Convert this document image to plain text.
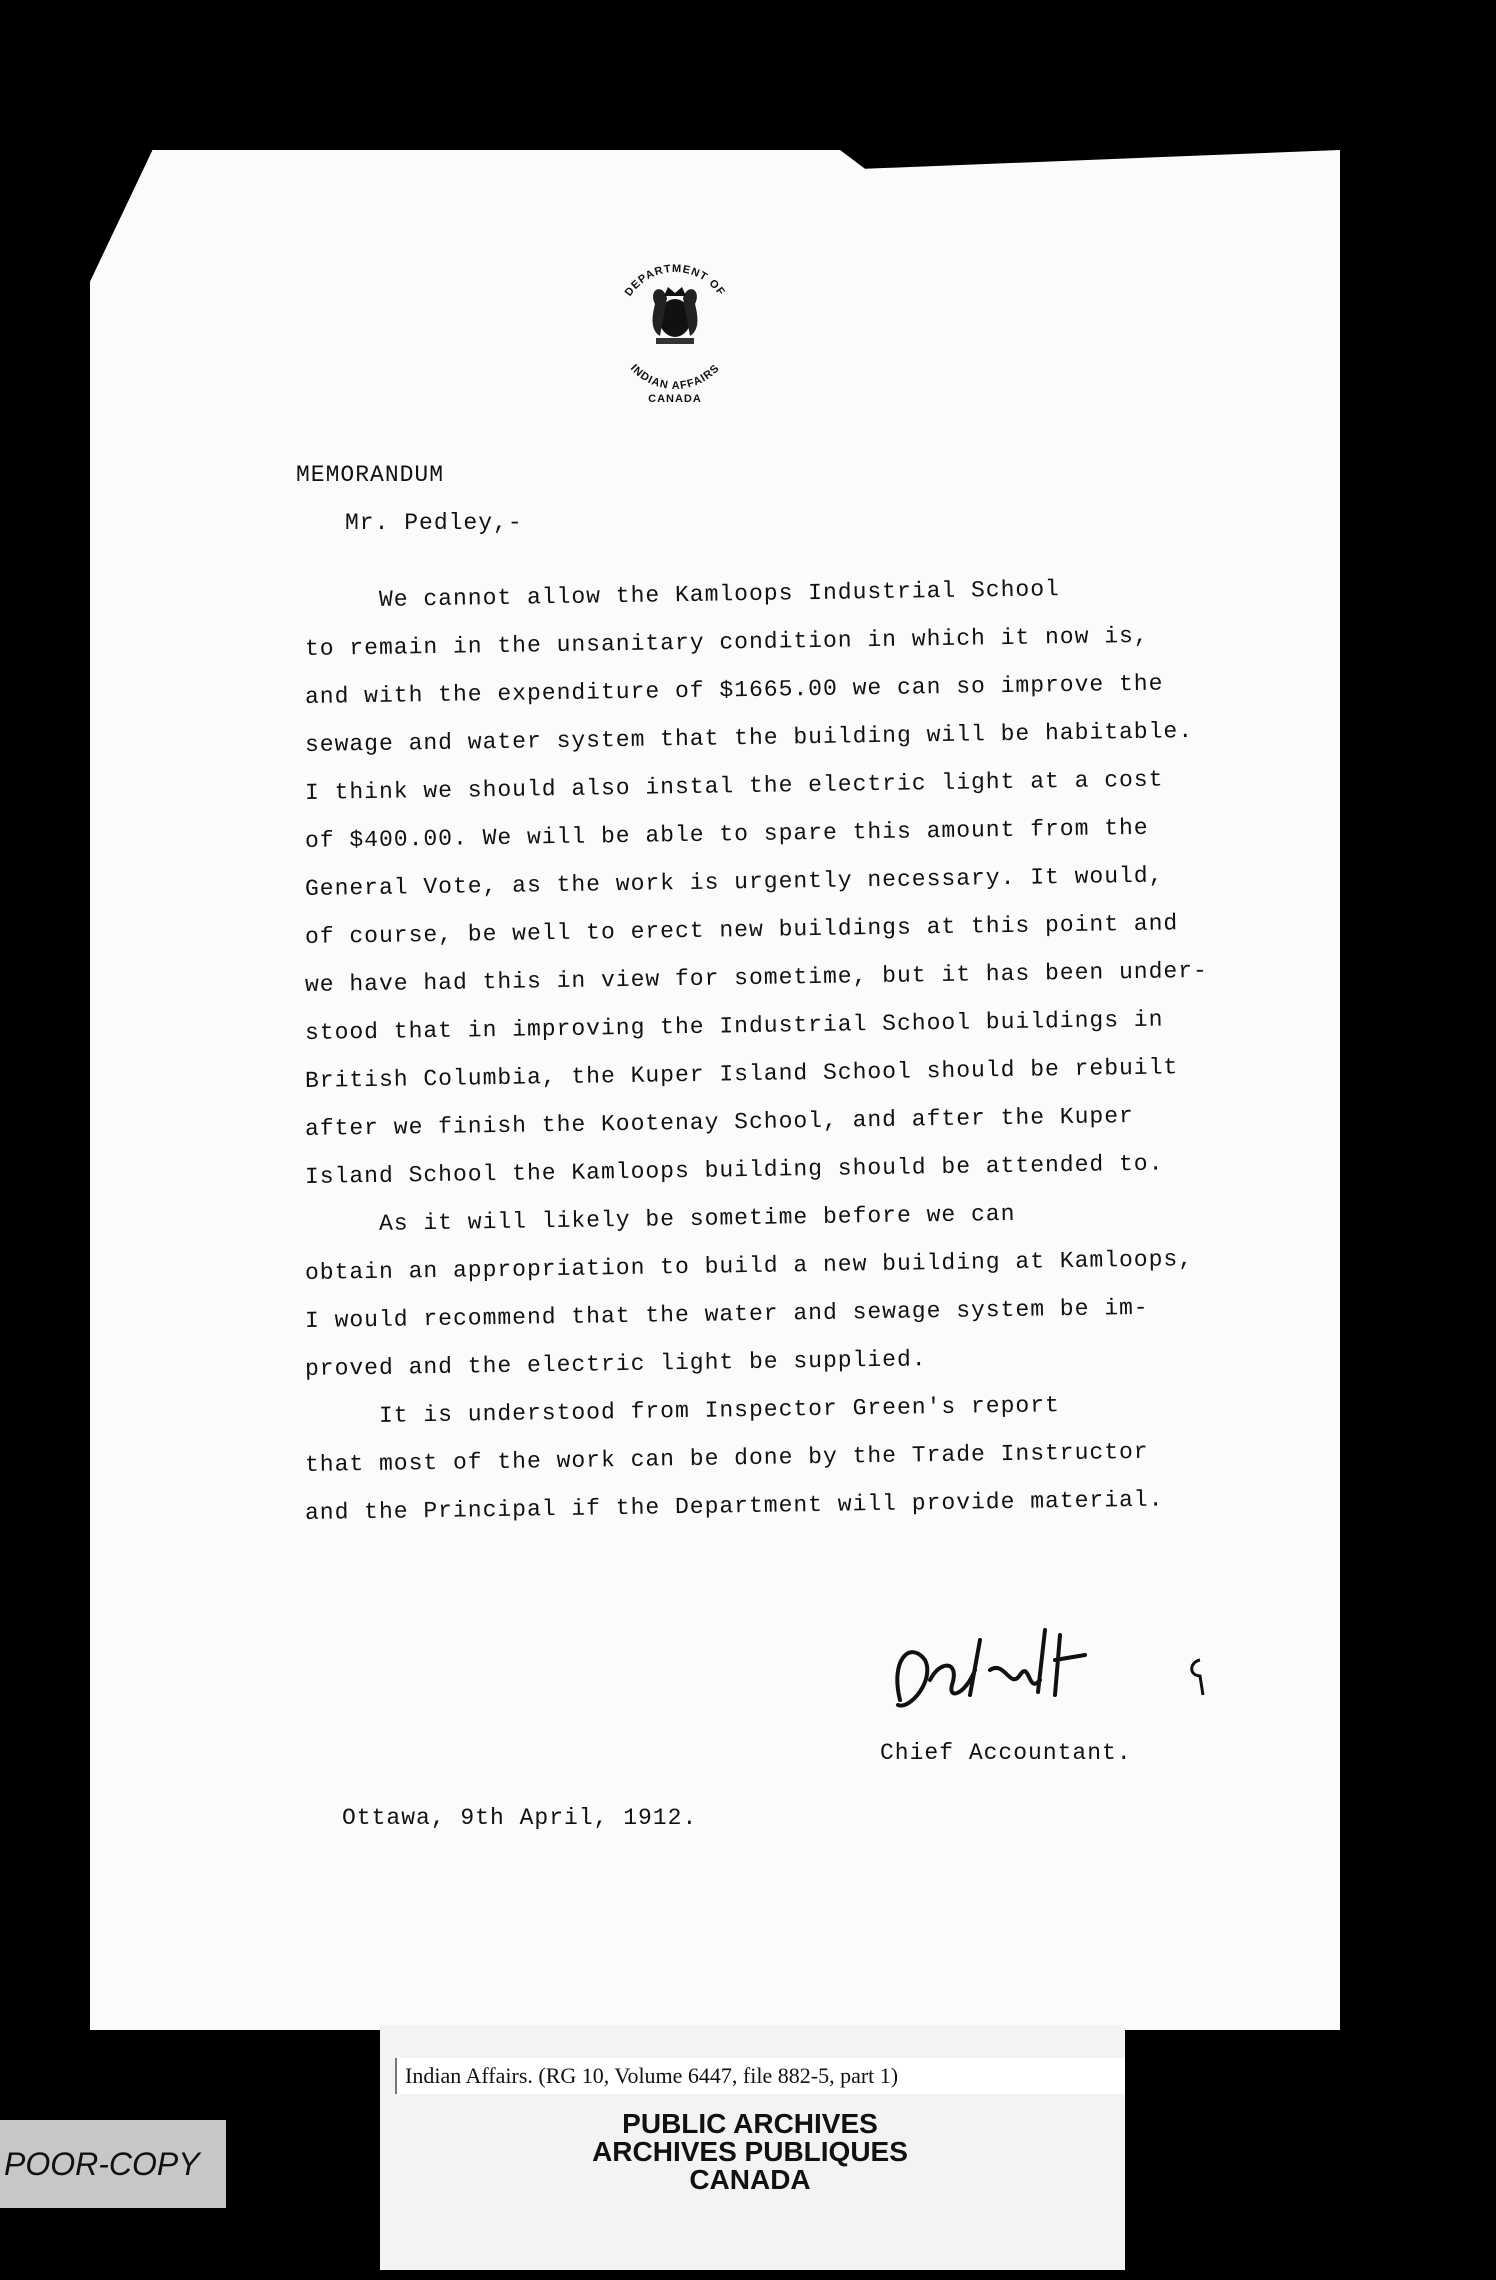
DEPARTMENT OF
INDIAN AFFAIRS
CANADA
MEMORANDUM
Mr. Pedley,-
We cannot allow the Kamloops Industrial School
to remain in the unsanitary condition in which it now is,
and with the expenditure of $1665.00 we can so improve the
sewage and water system that the building will be habitable.
I think we should also instal the electric light at a cost
of $400.00. We will be able to spare this amount from the
General Vote, as the work is urgently necessary. It would,
of course, be well to erect new buildings at this point and
we have had this in view for sometime, but it has been under-
stood that in improving the Industrial School buildings in
British Columbia, the Kuper Island School should be rebuilt
after we finish the Kootenay School, and after the Kuper
Island School the Kamloops building should be attended to.
As it will likely be sometime before we can
obtain an appropriation to build a new building at Kamloops,
I would recommend that the water and sewage system be im-
proved and the electric light be supplied.
It is understood from Inspector Green's report
that most of the work can be done by the Trade Instructor
and the Principal if the Department will provide material.
Chief Accountant.
Ottawa, 9th April, 1912.
Indian Affairs. (RG 10, Volume 6447, file 882-5, part 1)
PUBLIC ARCHIVES
ARCHIVES PUBLIQUES
CANADA
POOR-COPY
